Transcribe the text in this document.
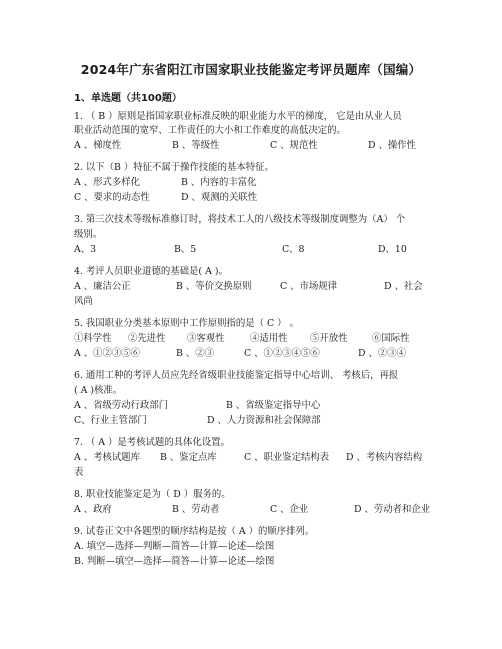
2024年广东省阳江市国家职业技能鉴定考评员题库（国编）
1、单选题（共100题）
1. （ B ）原则是指国家职业标准反映的职业能力水平的梯度， 它是由从业人员
职业活动范围的宽窄、工作责任的大小和工作难度的高低决定的。
A 、梯度性	B 、等级性	C 、规范性	D 、操作性
2. 以下（B ）特征不属于操作技能的基本特征。
A 、形式多样化	B 、内容的丰富化
C 、要求的动态性	D 、观测的关联性
3. 第三次技术等级标准修订时，将技术工人的八级技术等级制度调整为（A） 个
级别。
A、3	B、5	C、8	D、10
4. 考评人员职业道德的基础是( A )。
A 、廉洁公正	B 、等价交换原则	C 、市场规律	D 、社会
风尚
5. 我国职业分类基本原则中工作原则指的是（ C ） 。
①科学性 ②先进性 ③客观性	④适用性 ⑤开放性	⑥国际性
A 、①②③⑤⑥	B 、②③	C 、①②③④⑤⑥	D 、②③④
6. 通用工种的考评人员应先经省级职业技能鉴定指导中心培训、 考核后，再报
( A )核准。
A 、省级劳动行政部门	B 、省级鉴定指导中心
C、行业主管部门	D 、人力资源和社会保障部
7. （ A ）是考核试题的具体化设置。
A 、考核试题库 B 、鉴定点库	C 、职业鉴定结构表 D 、考核内容结构
表
8. 职业技能鉴定是为（ D ）服务的。
A 、政府	B 、劳动者	C 、企业	D 、劳动者和企业
9. 试卷正文中各题型的顺序结构是按（ A ）的顺序排列。
A. 填空—选择—判断—简答—计算—论述—绘图
B. 判断—填空—选择—简答—计算—论述—绘图
